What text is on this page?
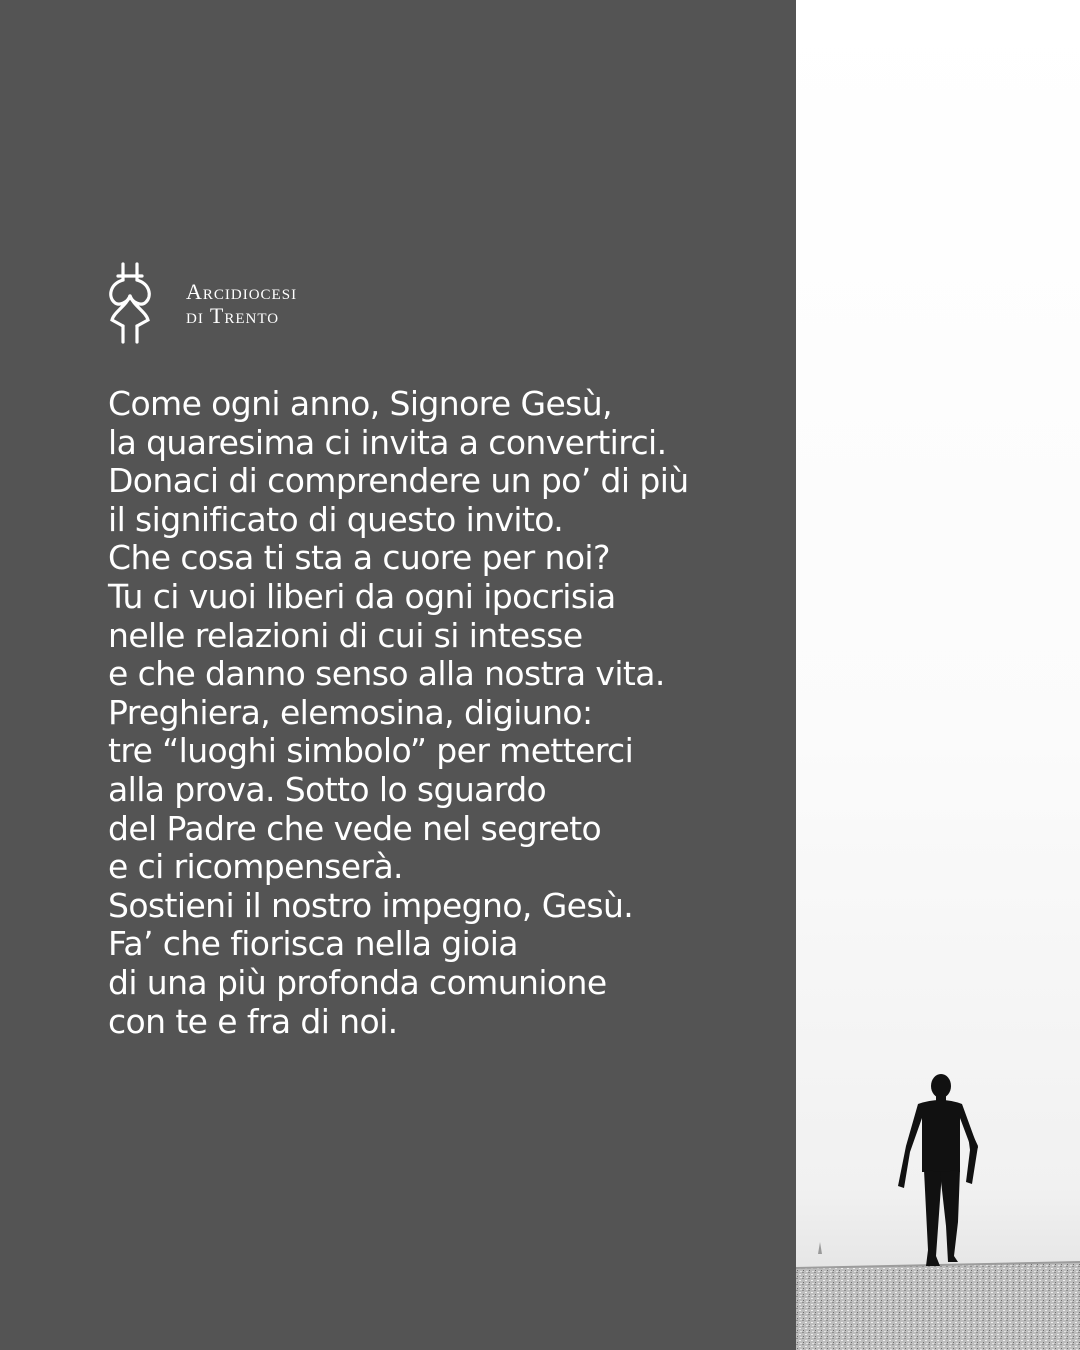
Arcidiocesi
di Trento

Come ogni anno, Signore Gesù,
la quaresima ci invita a convertirci.
Donaci di comprendere un po’ di più
il significato di questo invito.
Che cosa ti sta a cuore per noi?
Tu ci vuoi liberi da ogni ipocrisia
nelle relazioni di cui si intesse
e che danno senso alla nostra vita.
Preghiera, elemosina, digiuno:
tre “luoghi simbolo” per metterci
alla prova. Sotto lo sguardo
del Padre che vede nel segreto
e ci ricompenserà.
Sostieni il nostro impegno, Gesù.
Fa’ che fiorisca nella gioia
di una più profonda comunione
con te e fra di noi.
